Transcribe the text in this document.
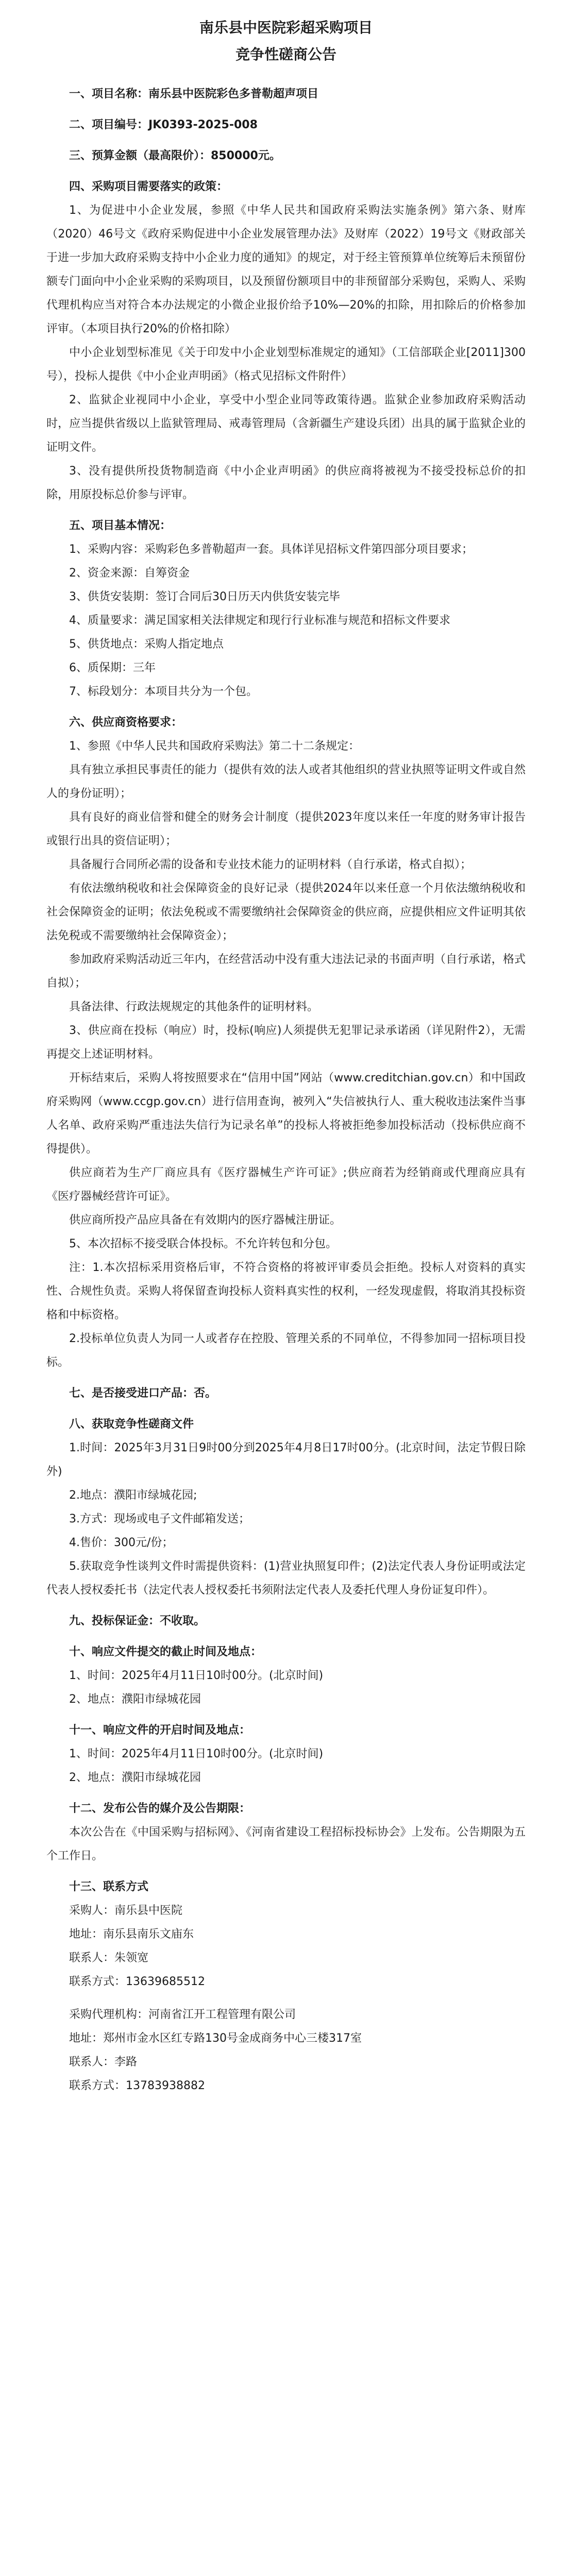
南乐县中医院彩超采购项目
竞争性磋商公告
一、项目名称：南乐县中医院彩色多普勒超声项目
二、项目编号：JK0393-2025-008
三、预算金额（最高限价）：850000元。
四、采购项目需要落实的政策：

1、为促进中小企业发展，参照《中华人民共和国政府采购法实施条例》第六条、财库（2020）46号文《政府采购促进中小企业发展管理办法》及财库（2022）19号文《财政部关于进一步加大政府采购支持中小企业力度的通知》的规定，对于经主管预算单位统筹后未预留份额专门面向中小企业采购的采购项目，以及预留份额项目中的非预留部分采购包，采购人、采购代理机构应当对符合本办法规定的小微企业报价给予10%—20%的扣除，用扣除后的价格参加评审。（本项目执行20%的价格扣除）

中小企业划型标准见《关于印发中小企业划型标准规定的通知》（工信部联企业[2011]300号），投标人提供《中小企业声明函》（格式见招标文件附件）

2、监狱企业视同中小企业，享受中小型企业同等政策待遇。监狱企业参加政府采购活动时，应当提供省级以上监狱管理局、戒毒管理局（含新疆生产建设兵团）出具的属于监狱企业的证明文件。

3、没有提供所投货物制造商《中小企业声明函》的供应商将被视为不接受投标总价的扣除，用原投标总价参与评审。

五、项目基本情况：
1、采购内容：采购彩色多普勒超声一套。具体详见招标文件第四部分项目要求；
2、资金来源：自筹资金
3、供货安装期：签订合同后30日历天内供货安装完毕
4、质量要求：满足国家相关法律规定和现行行业标准与规范和招标文件要求
5、供货地点：采购人指定地点
6、质保期：三年
7、标段划分：本项目共分为一个包。
六、供应商资格要求：

1、参照《中华人民共和国政府采购法》第二十二条规定：

具有独立承担民事责任的能力（提供有效的法人或者其他组织的营业执照等证明文件或自然人的身份证明）；

具有良好的商业信誉和健全的财务会计制度（提供2023年度以来任一年度的财务审计报告或银行出具的资信证明）；

具备履行合同所必需的设备和专业技术能力的证明材料（自行承诺，格式自拟）；

有依法缴纳税收和社会保障资金的良好记录（提供2024年以来任意一个月依法缴纳税收和社会保障资金的证明；依法免税或不需要缴纳社会保障资金的供应商，应提供相应文件证明其依法免税或不需要缴纳社会保障资金）；

参加政府采购活动近三年内，在经营活动中没有重大违法记录的书面声明（自行承诺，格式自拟）；

具备法律、行政法规规定的其他条件的证明材料。

3、供应商在投标（响应）时，投标(响应)人须提供无犯罪记录承诺函（详见附件2），无需再提交上述证明材料。

开标结束后，采购人将按照要求在“信用中国”网站（www.creditchian.gov.cn）和中国政府采购网（www.ccgp.gov.cn）进行信用查询，被列入“失信被执行人、重大税收违法案件当事人名单、政府采购严重违法失信行为记录名单”的投标人将被拒绝参加投标活动（投标供应商不得提供）。

供应商若为生产厂商应具有《医疗器械生产许可证》;供应商若为经销商或代理商应具有《医疗器械经营许可证》。

供应商所投产品应具备在有效期内的医疗器械注册证。

5、本次招标不接受联合体投标。不允许转包和分包。

注：1.本次招标采用资格后审，不符合资格的将被评审委员会拒绝。投标人对资料的真实性、合规性负责。采购人将保留查询投标人资料真实性的权利，一经发现虚假，将取消其投标资格和中标资格。

2.投标单位负责人为同一人或者存在控股、管理关系的不同单位，不得参加同一招标项目投标。

七、是否接受进口产品：否。
八、获取竞争性磋商文件

1.时间：2025年3月31日9时00分到2025年4月8日17时00分。(北京时间，法定节假日除外)

2.地点：濮阳市绿城花园;

3.方式：现场或电子文件邮箱发送；

4.售价：300元/份；

5.获取竞争性谈判文件时需提供资料：(1)营业执照复印件；(2)法定代表人身份证明或法定代表人授权委托书（法定代表人授权委托书须附法定代表人及委托代理人身份证复印件）。

九、投标保证金：不收取。
十、响应文件提交的截止时间及地点：

1、时间：2025年4月11日10时00分。(北京时间)

2、地点：濮阳市绿城花园

十一、响应文件的开启时间及地点：

1、时间：2025年4月11日10时00分。(北京时间)

2、地点：濮阳市绿城花园

十二、发布公告的媒介及公告期限：

本次公告在《中国采购与招标网》、《河南省建设工程招标投标协会》上发布。公告期限为五个工作日。

十三、联系方式
采购人：南乐县中医院
地址：南乐县南乐文庙东
联系人：朱领宽
联系方式：13639685512
采购代理机构：河南省江开工程管理有限公司
地址：郑州市金水区红专路130号金成商务中心三楼317室
联系人：李路
联系方式：13783938882
